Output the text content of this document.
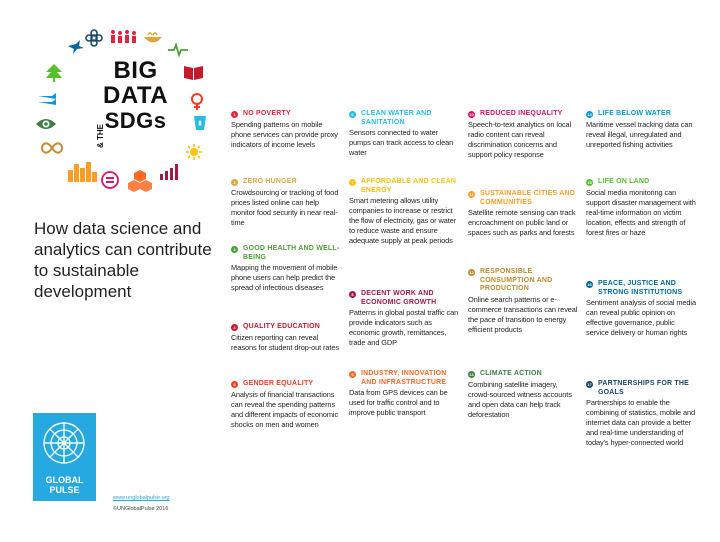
BIG
DATA
SDGs
& THE
How data science and analytics can contribute to sustainable development
GLOBAL PULSE
www.unglobalpulse.org
©UNGlobalPulse 2016
1	NO POVERTY
Spending patterns on mobile phone services can provide proxy indicators of income levels
2	ZERO HUNGER
Crowdsourcing or tracking of food prices listed online can help monitor food security in near real-time
3	GOOD HEALTH AND WELL-BEING
Mapping the movement of mobile phone users can help predict the spread of infectious diseases
4	QUALITY EDUCATION
Citizen reporting can reveal reasons for student drop-out rates
5	GENDER EQUALITY
Analysis of financial transactions can reveal the spending patterns and different impacts of economic shocks on men and women
6	CLEAN WATER AND SANITATION
Sensors connected to water pumps can track access to clean water
7	AFFORDABLE AND CLEAN ENERGY
Smart metering allows utility companies to increase or restrict the flow of electricity, gas or water to reduce waste and ensure adequate supply at peak periods
8	DECENT WORK AND ECONOMIC GROWTH
Patterns in global postal traffic can provide indicators such as economic growth, remittances, trade and GDP
9	INDUSTRY, INNOVATION AND INFRASTRUCTURE
Data from GPS devices can be used for traffic control and to improve public transport
10 REDUCED INEQUALITY
Speech-to-text analytics on local radio content can reveal discrimination concerns and support policy response
11 SUSTAINABLE CITIES AND COMMUNITIES
Satellite remote sensing can track encroachment on public land or spaces such as parks and forests
12 RESPONSIBLE CONSUMPTION AND PRODUCTION
Online search patterns or e-commerce transactions can reveal the pace of transition to energy efficient products
13 CLIMATE ACTION
Combining satellite imagery, crowd-sourced witness accounts and open data can help track deforestation
14 LIFE BELOW WATER
Maritime vessel tracking data can reveal illegal, unregulated and unreported fishing activities
15 LIFE ON LAND
Social media monitoring can support disaster management with real-time information on victim location, effects and strength of forest fires or haze
16 PEACE, JUSTICE AND STRONG INSTITUTIONS
Sentiment analysis of social media can reveal public opinion on effective governance, public service delivery or human rights
17 PARTNERSHIPS FOR THE GOALS
Partnerships to enable the combining of statistics, mobile and internet data can provide a better and real-time understanding of today's hyper-connected world
